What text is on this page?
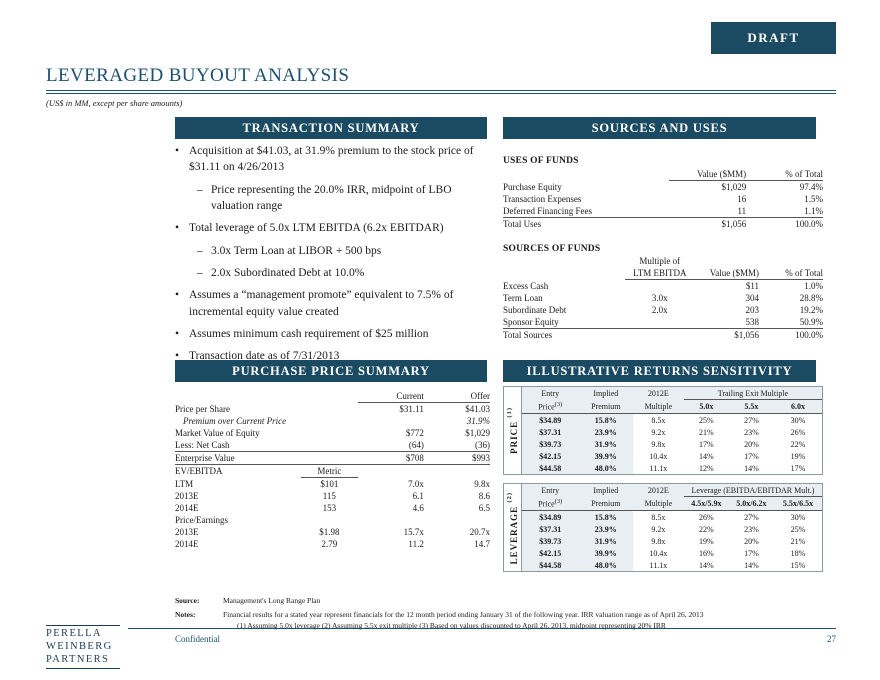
DRAFT
LEVERAGED BUYOUT ANALYSIS
(US$ in MM, except per share amounts)
TRANSACTION SUMMARY	SOURCES AND USES
PURCHASE PRICE SUMMARY	ILLUSTRATIVE RETURNS SENSITIVITY
• Acquisition at $41.03, at 31.9% premium to the stock price of $31.11 on 4/26/2013
– Price representing the 20.0% IRR, midpoint of LBO valuation range
• Total leverage of 5.0x LTM EBITDA (6.2x EBITDAR)
– 3.0x Term Loan at LIBOR + 500 bps
– 2.0x Subordinated Debt at 10.0%
• Assumes a “management promote” equivalent to 7.5% of incremental equity value created
• Assumes minimum cash requirement of $25 million
• Transaction date as of 7/31/2013
USES OF FUNDS
	Value ($MM)	% of Total
Purchase Equity	$1,029	97.4%
Transaction Expenses	16	1.5%
Deferred Financing Fees	11	1.1%
Total Uses	$1,056	100.0%
SOURCES OF FUNDS
	Multiple of		
	LTM EBITDA	Value ($MM)	% of Total
Excess Cash		$11	1.0%
Term Loan	3.0x	304	28.8%
Subordinate Debt	2.0x	203	19.2%
Sponsor Equity		538	50.9%
Total Sources		$1,056	100.0%
		Current	Offer
Price per Share		$31.11	$41.03
Premium over Current Price			31.9%
Market Value of Equity		$772	$1,029
Less: Net Cash		(64)	(36)
Enterprise Value		$708	$993
EV/EBITDA	Metric		
LTM	$101	7.0x	9.8x
2013E	115	6.1	8.6
2014E	153	4.6	6.5
Price/Earnings			
2013E	$1.98	15.7x	20.7x
2014E	2.79	11.2	14.7
PRICE $^{(1)}$
Entry	Implied	2012E	Trailing Exit Multiple		
Price$^{(3)}$	Premium	Multiple	5.0x	5.5x	6.0x
$34.89	15.8%	8.5x	25%	27%	30%
$37.31	23.9%	9.2x	21%	23%	26%
$39.73	31.9%	9.8x	17%	20%	22%
$42.15	39.9%	10.4x	14%	17%	19%
$44.58	48.0%	11.1x	12%	14%	17%
LEVERAGE $^{(2)}$
Entry	Implied	2012E	Leverage (EBITDA/EBITDAR Mult.)		
Price$^{(3)}$	Premium	Multiple	4.5x/5.9x	5.0x/6.2x	5.5x/6.5x
$34.89	15.8%	8.5x	26%	27%	30%
$37.31	23.9%	9.2x	22%	23%	25%
$39.73	31.9%	9.8x	19%	20%	21%
$42.15	39.9%	10.4x	16%	17%	18%
$44.58	48.0%	11.1x	14%	14%	15%
Source:	Management's Long Range Plan
Notes:	Financial results for a stated year represent financials for the 12 month period ending January 31 of the following year. IRR valuation range as of April 26, 2013
(1) Assuming 5.0x leverage (2) Assuming 5.5x exit multiple (3) Based on values discounted to April 26, 2013, midpoint representing 20% IRR
PERELLA
WEINBERG
PARTNERS
Confidential	27
